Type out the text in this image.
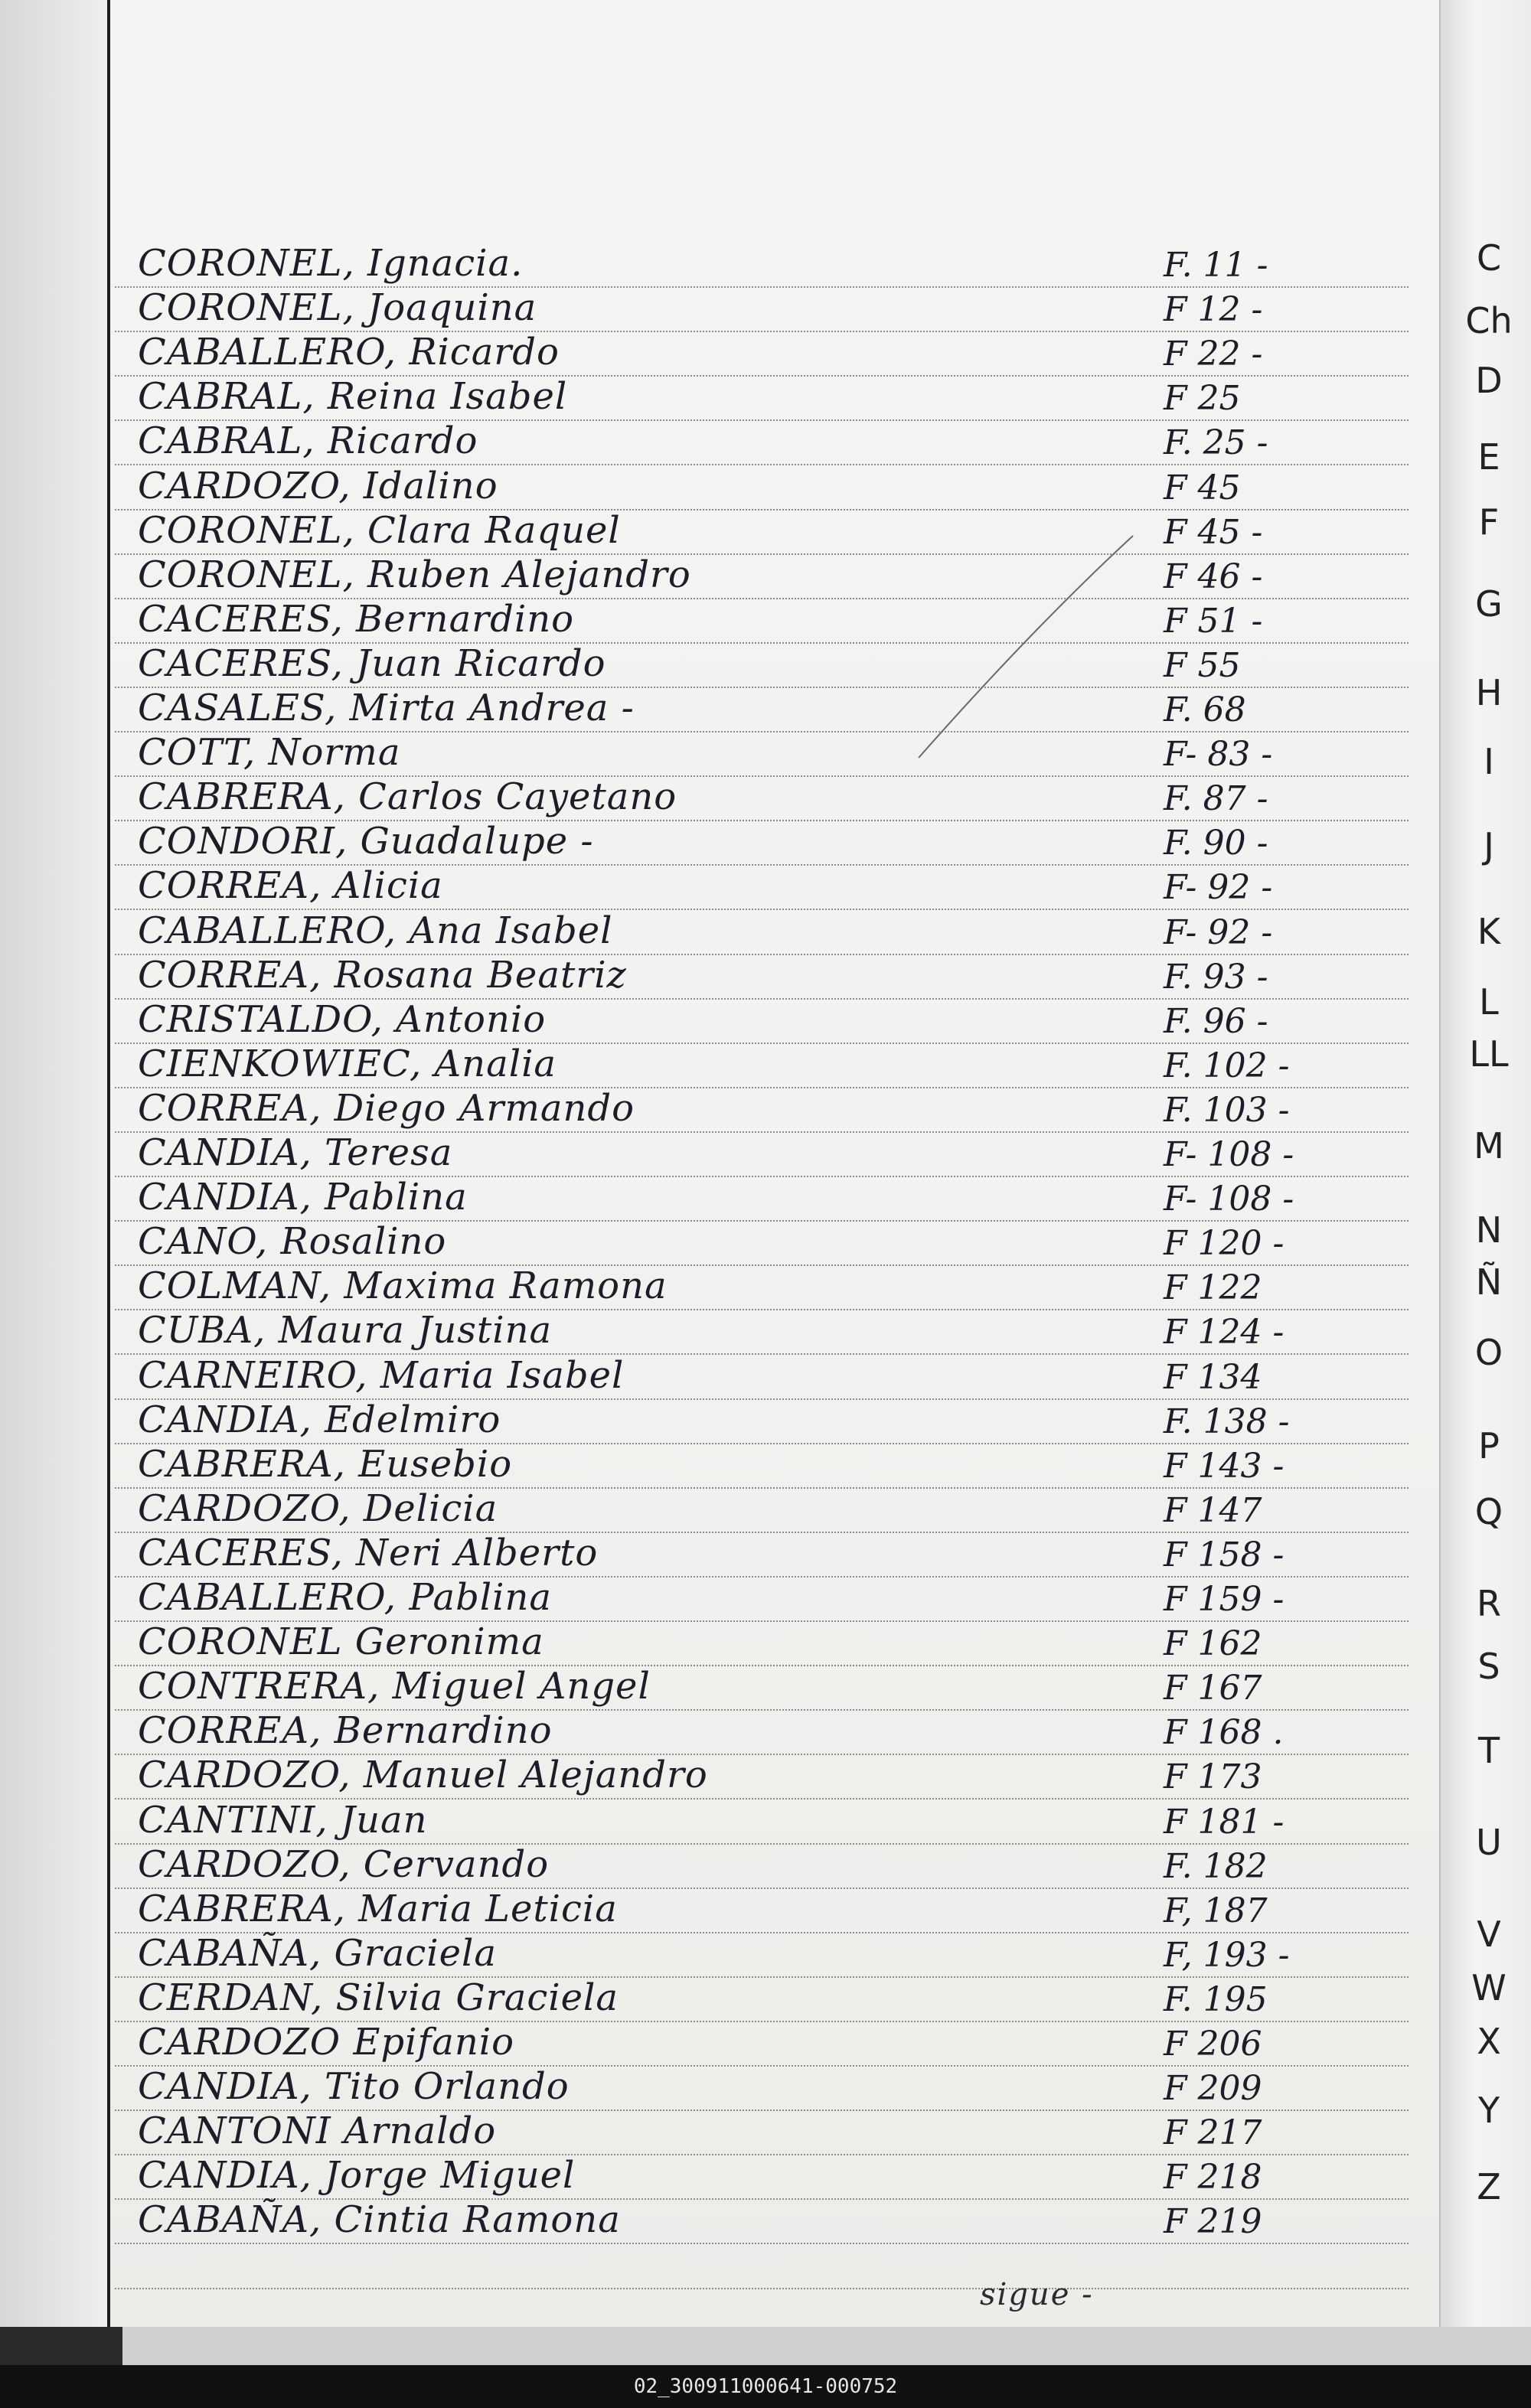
CORONEL, Ignacia.	F. 11 -
CORONEL, Joaquina	F 12 -
CABALLERO, Ricardo	F 22 -
CABRAL, Reina Isabel	F 25
CABRAL, Ricardo	F. 25 -
CARDOZO, Idalino	F 45
CORONEL, Clara Raquel	F 45 -
CORONEL, Ruben Alejandro	F 46 -
CACERES, Bernardino	F 51 -
CACERES, Juan Ricardo	F 55
CASALES, Mirta Andrea -	F. 68
COTT, Norma	F- 83 -
CABRERA, Carlos Cayetano	F. 87 -
CONDORI, Guadalupe -	F. 90 -
CORREA, Alicia	F- 92 -
CABALLERO, Ana Isabel	F- 92 -
CORREA, Rosana Beatriz	F. 93 -
CRISTALDO, Antonio	F. 96 -
CIENKOWIEC, Analia	F. 102 -
CORREA, Diego Armando	F. 103 -
CANDIA, Teresa	F- 108 -
CANDIA, Pablina	F- 108 -
CANO, Rosalino	F 120 -
COLMAN, Maxima Ramona	F 122
CUBA, Maura Justina	F 124 -
CARNEIRO, Maria Isabel	F 134
CANDIA, Edelmiro	F. 138 -
CABRERA, Eusebio	F 143 -
CARDOZO, Delicia	F 147
CACERES, Neri Alberto	F 158 -
CABALLERO, Pablina	F 159 -
CORONEL Geronima	F 162
CONTRERA, Miguel Angel	F 167
CORREA, Bernardino	F 168 .
CARDOZO, Manuel Alejandro	F 173
CANTINI, Juan	F 181 -
CARDOZO, Cervando	F. 182
CABRERA, Maria Leticia	F, 187
CABAÑA, Graciela	F, 193 -
CERDAN, Silvia Graciela	F. 195
CARDOZO Epifanio	F 206
CANDIA, Tito Orlando	F 209
CANTONI Arnaldo	F 217
CANDIA, Jorge Miguel	F 218
CABAÑA, Cintia Ramona	F 219
C
Ch
D
E
F
G
H
I
J
K
L
LL
M
N
Ñ
O
P
Q
R
S
T
U
V
W
X
Y
Z
sigue -
02_300911000641-000752
